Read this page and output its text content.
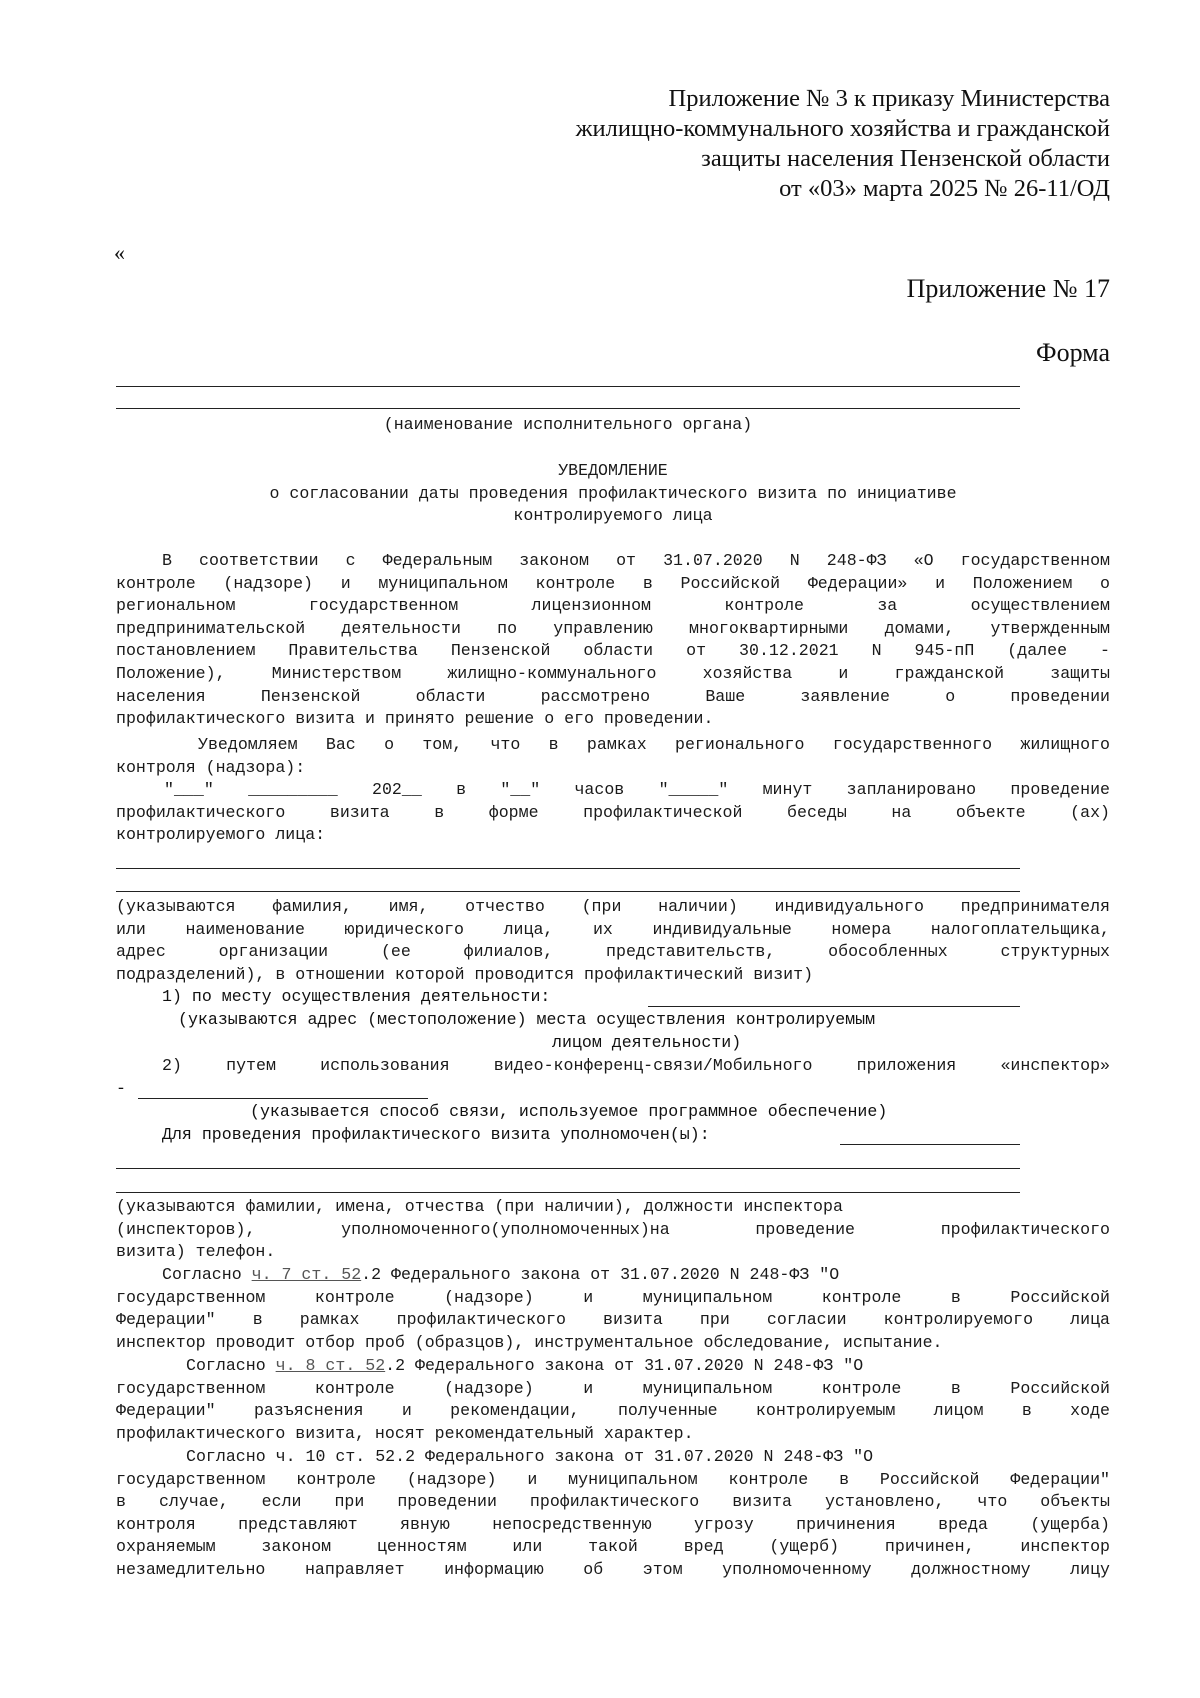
Приложение № 3 к приказу Министерства
жилищно-коммунального хозяйства и гражданской
защиты населения Пензенской области
от «03» марта 2025 № 26-11/ОД
«
Приложение № 17
Форма
(наименование исполнительного органа)
УВЕДОМЛЕНИЕ
о согласовании даты проведения профилактического визита по инициативе
контролируемого лица
В соответствии с Федеральным законом от 31.07.2020 N 248-ФЗ «О государственном
контроле (надзоре) и муниципальном контроле в Российской Федерации» и Положением о
региональном государственном лицензионном контроле за осуществлением
предпринимательской деятельности по управлению многоквартирными домами, утвержденным
постановлением Правительства Пензенской области от 30.12.2021 N 945-пП (далее -
Положение), Министерством жилищно-коммунального хозяйства и гражданской защиты
населения Пензенской области рассмотрено Ваше заявление о проведении
профилактического визита и принято решение о его проведении.
Уведомляем Вас о том, что в рамках регионального государственного жилищного
контроля (надзора):
"___" _________ 202__ в "__" часов "_____" минут запланировано проведение
профилактического визита в форме профилактической беседы на объекте (ах)
контролируемого лица:
(указываются фамилия, имя, отчество (при наличии) индивидуального предпринимателя
или наименование юридического лица, их индивидуальные номера налогоплательщика,
адрес организации (ее филиалов, представительств, обособленных структурных
подразделений), в отношении которой проводится профилактический визит)
1) по месту осуществления деятельности:
(указываются адрес (местоположение) места осуществления контролируемым
лицом деятельности)
2) путем использования видео-конференц-связи/Мобильного приложения «инспектор»
-
(указывается способ связи, используемое программное обеспечение)
Для проведения профилактического визита уполномочен(ы):
(указываются фамилии, имена, отчества (при наличии), должности инспектора
(инспекторов), уполномоченного(уполномоченных)на проведение профилактического
визита) телефон.
Согласно ч. 7 ст. 52.2 Федерального закона от 31.07.2020 N 248-ФЗ "О
государственном контроле (надзоре) и муниципальном контроле в Российской
Федерации" в рамках профилактического визита при согласии контролируемого лица
инспектор проводит отбор проб (образцов), инструментальное обследование, испытание.
Согласно ч. 8 ст. 52.2 Федерального закона от 31.07.2020 N 248-ФЗ "О
государственном контроле (надзоре) и муниципальном контроле в Российской
Федерации" разъяснения и рекомендации, полученные контролируемым лицом в ходе
профилактического визита, носят рекомендательный характер.
Согласно ч. 10 ст. 52.2 Федерального закона от 31.07.2020 N 248-ФЗ "О
государственном контроле (надзоре) и муниципальном контроле в Российской Федерации"
в случае, если при проведении профилактического визита установлено, что объекты
контроля представляют явную непосредственную угрозу причинения вреда (ущерба)
охраняемым законом ценностям или такой вред (ущерб) причинен, инспектор
незамедлительно направляет информацию об этом уполномоченному должностному лицу
